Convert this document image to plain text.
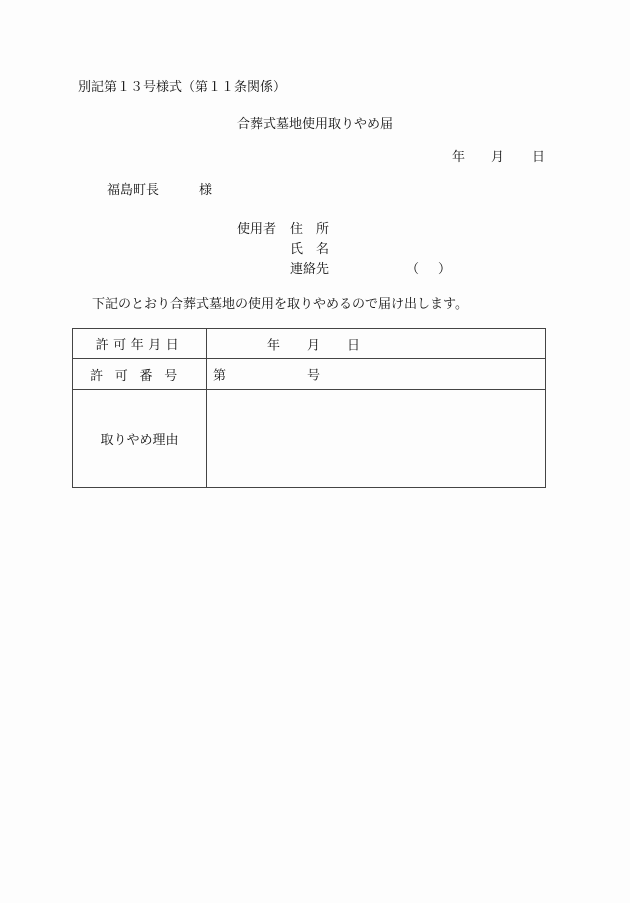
別記第１３号様式（第１１条関係）
合葬式墓地使用取りやめ届
年 月 日
福島町長	様
使用者 住　所
氏　名
連絡先	（ ）
下記のとおり合葬式墓地の使用を取りやめるので届け出します。
許可年月日	年 月 日

許可番号	第 号

取りやめ理由	
